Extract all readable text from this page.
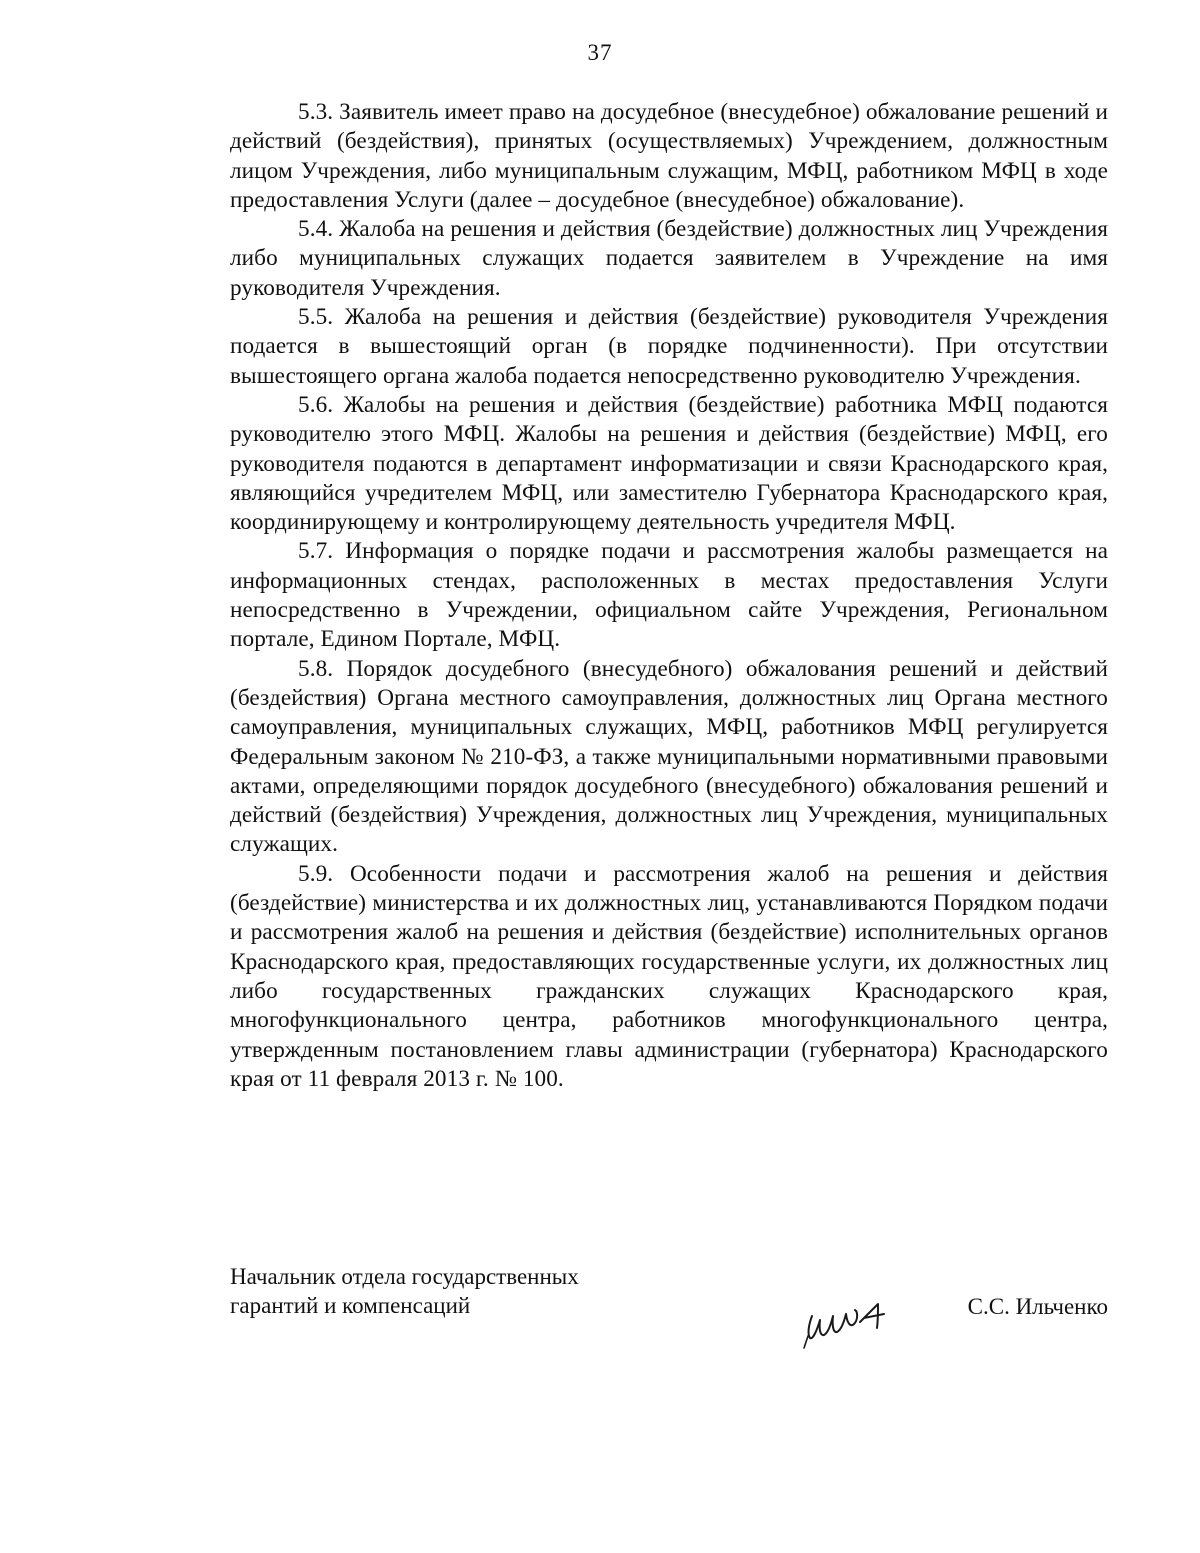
37

5.3. Заявитель имеет право на досудебное (внесудебное) обжалование решений и действий (бездействия), принятых (осуществляемых) Учреждением, должностным лицом Учреждения, либо муниципальным служащим, МФЦ, работником МФЦ в ходе предоставления Услуги (далее – досудебное (внесудебное) обжалование).

5.4. Жалоба на решения и действия (бездействие) должностных лиц Учреждения либо муниципальных служащих подается заявителем в Учреждение на имя руководителя Учреждения.

5.5. Жалоба на решения и действия (бездействие) руководителя Учреждения подается в вышестоящий орган (в порядке подчиненности). При отсутствии вышестоящего органа жалоба подается непосредственно руководителю Учреждения.

5.6. Жалобы на решения и действия (бездействие) работника МФЦ подаются руководителю этого МФЦ. Жалобы на решения и действия (бездействие) МФЦ, его руководителя подаются в департамент информатизации и связи Краснодарского края, являющийся учредителем МФЦ, или заместителю Губернатора Краснодарского края, координирующему и контролирующему деятельность учредителя МФЦ.

5.7. Информация о порядке подачи и рассмотрения жалобы размещается на информационных стендах, расположенных в местах предоставления Услуги непосредственно в Учреждении, официальном сайте Учреждения, Региональном портале, Едином Портале, МФЦ.

5.8. Порядок досудебного (внесудебного) обжалования решений и действий (бездействия) Органа местного самоуправления, должностных лиц Органа местного самоуправления, муниципальных служащих, МФЦ, работников МФЦ регулируется Федеральным законом № 210-ФЗ, а также муниципальными нормативными правовыми актами, определяющими порядок досудебного (внесудебного) обжалования решений и действий (бездействия) Учреждения, должностных лиц Учреждения, муниципальных служащих.

5.9. Особенности подачи и рассмотрения жалоб на решения и действия (бездействие) министерства и их должностных лиц, устанавливаются Порядком подачи и рассмотрения жалоб на решения и действия (бездействие) исполнительных органов Краснодарского края, предоставляющих государственные услуги, их должностных лиц либо государственных гражданских служащих Краснодарского края, многофункционального центра, работников многофункционального центра, утвержденным постановлением главы администрации (губернатора) Краснодарского края от 11 февраля 2013 г. № 100.

Начальник отдела государственных
гарантий и компенсаций	С.С. Ильченко
